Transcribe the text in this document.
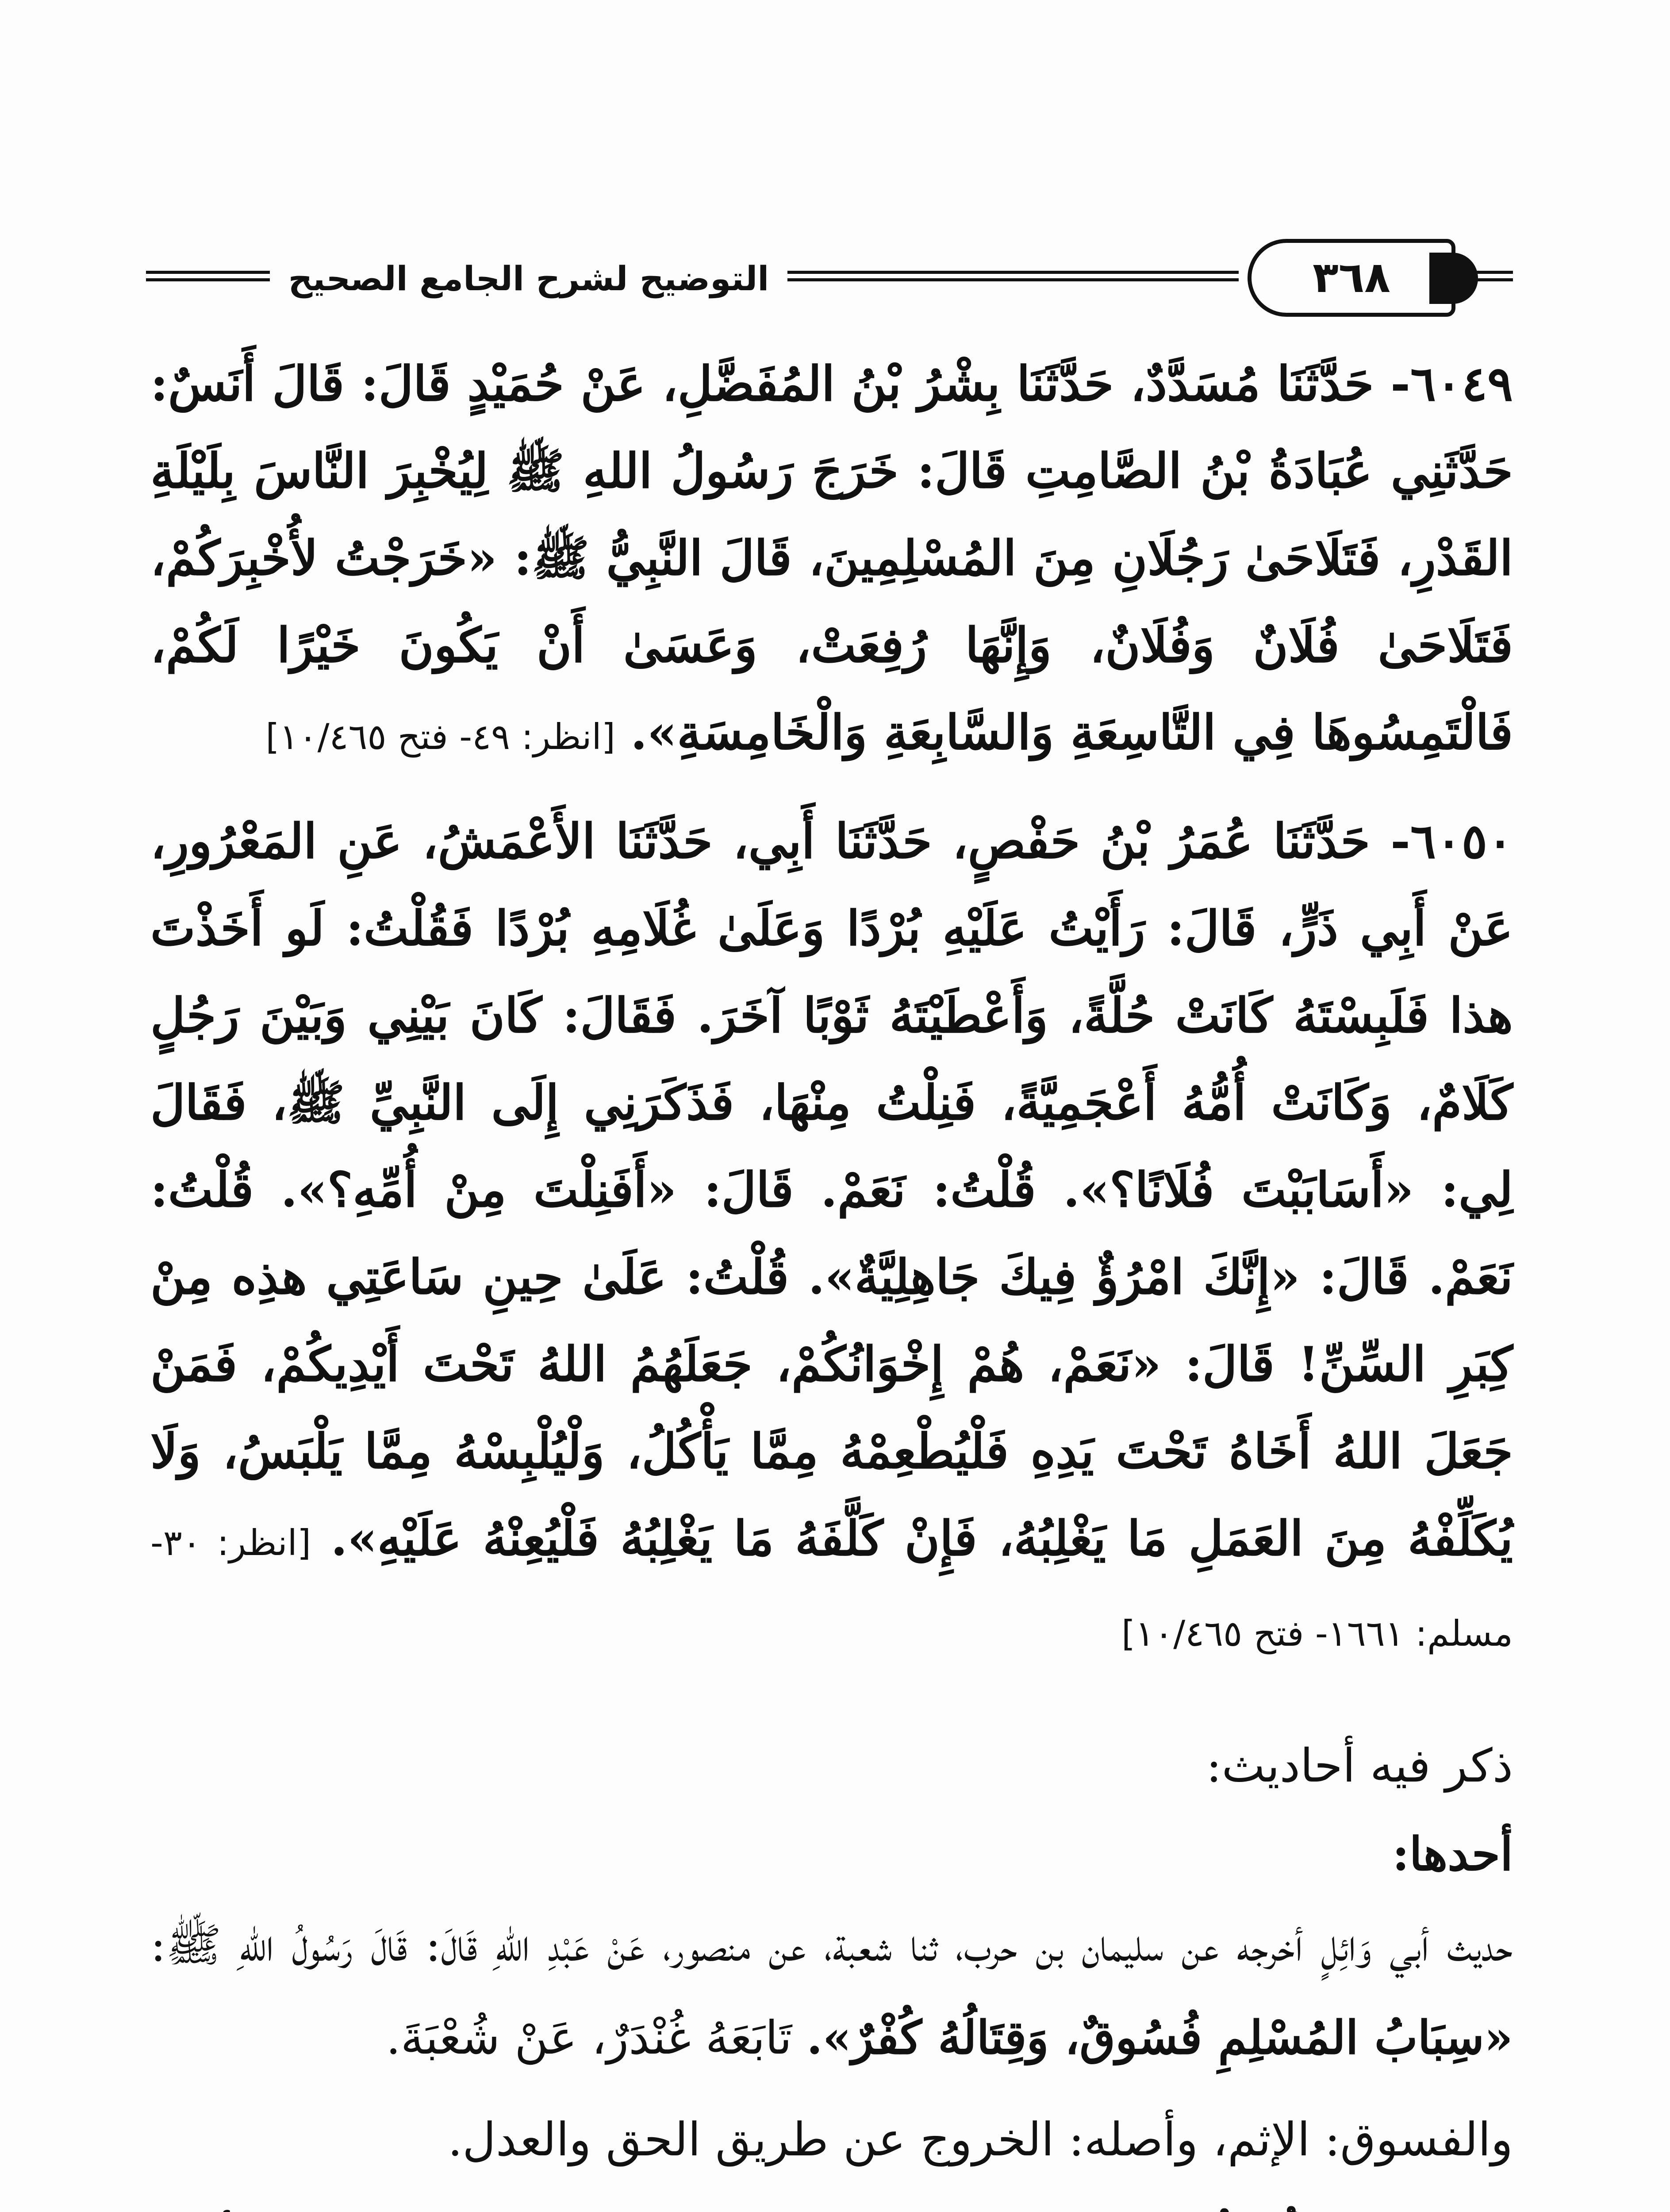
التوضيح لشرح الجامع الصحيح	٣٦٨

٦٠٤٩- حَدَّثَنَا مُسَدَّدٌ، حَدَّثَنَا بِشْرُ بْنُ المُفَضَّلِ، عَنْ حُمَيْدٍ قَالَ: قَالَ أَنَسٌ: حَدَّثَنِي عُبَادَةُ بْنُ الصَّامِتِ قَالَ: خَرَجَ رَسُولُ اللهِ ﷺ لِيُخْبِرَ النَّاسَ بِلَيْلَةِ القَدْرِ، فَتَلَاحَىٰ رَجُلَانِ مِنَ المُسْلِمِينَ، قَالَ النَّبِيُّ ﷺ: «خَرَجْتُ لأُخْبِرَكُمْ، فَتَلَاحَىٰ فُلَانٌ وَفُلَانٌ، وَإِنَّهَا رُفِعَتْ، وَعَسَىٰ أَنْ يَكُونَ خَيْرًا لَكُمْ، فَالْتَمِسُوهَا فِي التَّاسِعَةِ وَالسَّابِعَةِ وَالْخَامِسَةِ». [انظر: ٤٩- فتح ١٠/٤٦٥]

٦٠٥٠- حَدَّثَنَا عُمَرُ بْنُ حَفْصٍ، حَدَّثَنَا أَبِي، حَدَّثَنَا الأَعْمَشُ، عَنِ المَعْرُورِ، عَنْ أَبِي ذَرٍّ، قَالَ: رَأَيْتُ عَلَيْهِ بُرْدًا وَعَلَىٰ غُلَامِهِ بُرْدًا فَقُلْتُ: لَو أَخَذْتَ هذا فَلَبِسْتَهُ كَانَتْ حُلَّةً، وَأَعْطَيْتَهُ ثَوْبًا آخَرَ. فَقَالَ: كَانَ بَيْنِي وَبَيْنَ رَجُلٍ كَلَامٌ، وَكَانَتْ أُمُّهُ أَعْجَمِيَّةً، فَنِلْتُ مِنْهَا، فَذَكَرَنِي إِلَى النَّبِيِّ ﷺ، فَقَالَ لِي: «أَسَابَبْتَ فُلَانًا؟». قُلْتُ: نَعَمْ. قَالَ: «أَفَنِلْتَ مِنْ أُمِّهِ؟». قُلْتُ: نَعَمْ. قَالَ: «إِنَّكَ امْرُؤٌ فِيكَ جَاهِلِيَّةٌ». قُلْتُ: عَلَىٰ حِينِ سَاعَتِي هذِه مِنْ كِبَرِ السِّنِّ! قَالَ: «نَعَمْ، هُمْ إِخْوَانُكُمْ، جَعَلَهُمُ اللهُ تَحْتَ أَيْدِيكُمْ، فَمَنْ جَعَلَ اللهُ أَخَاهُ تَحْتَ يَدِهِ فَلْيُطْعِمْهُ مِمَّا يَأْكُلُ، وَلْيُلْبِسْهُ مِمَّا يَلْبَسُ، وَلَا يُكَلِّفْهُ مِنَ العَمَلِ مَا يَغْلِبُهُ، فَإِنْ كَلَّفَهُ مَا يَغْلِبُهُ فَلْيُعِنْهُ عَلَيْهِ». [انظر: ٣٠- مسلم: ١٦٦١- فتح ١٠/٤٦٥]

ذكر فيه أحاديث:

أحدها:

حديث أبي وَائِلٍ أخرجه عن سليمان بن حرب، ثنا شعبة، عن منصور، عَنْ عَبْدِ اللهِ قَالَ: قَالَ رَسُولُ اللهِ ﷺ: «سِبَابُ المُسْلِمِ فُسُوقٌ، وَقِتَالُهُ كُفْرٌ». تَابَعَهُ غُنْدَرٌ، عَنْ شُعْبَةَ.

والفسوق: الإثم، وأصله: الخروج عن طريق الحق والعدل.
